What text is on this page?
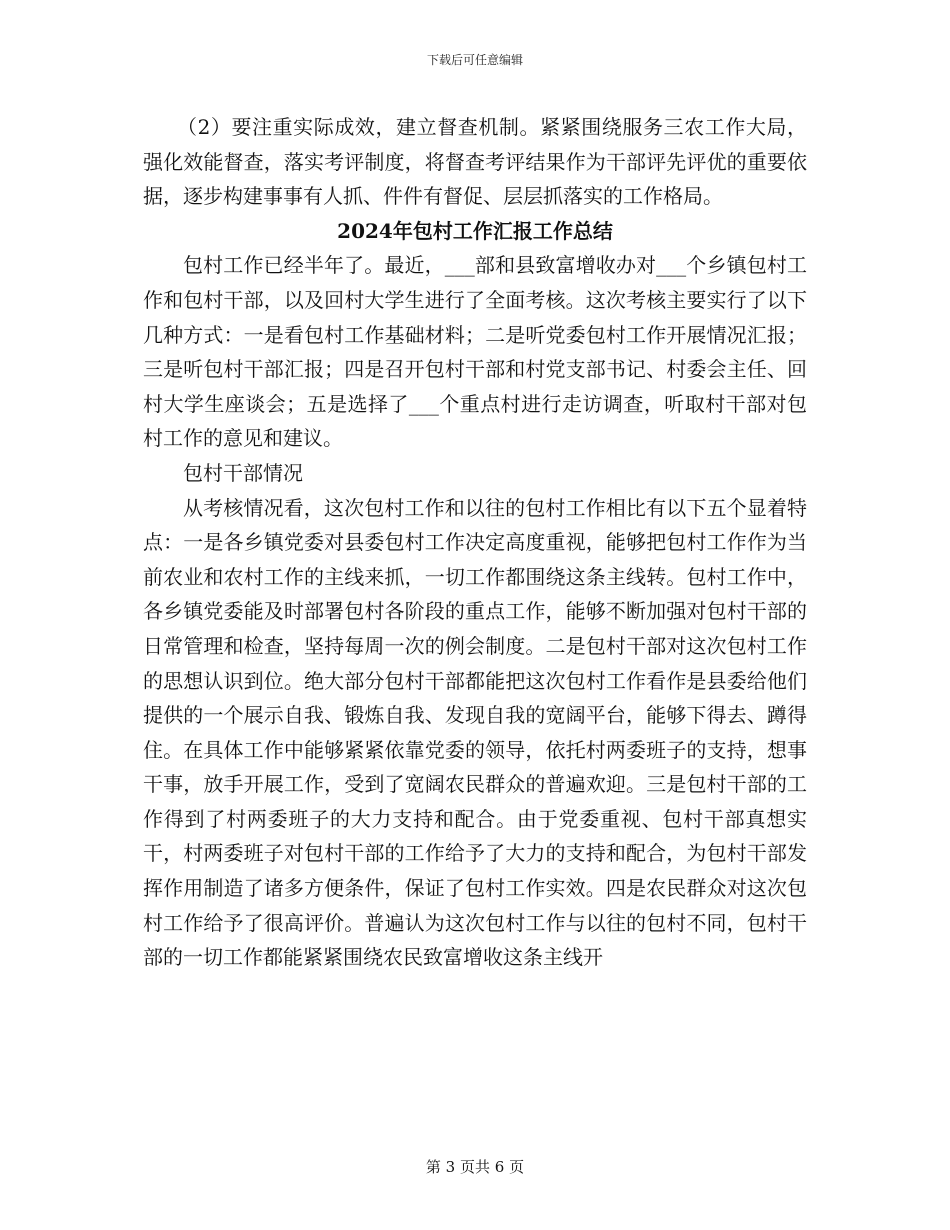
下载后可任意编辑

（2）要注重实际成效，建立督查机制。紧紧围绕服务三农工作大局，强化效能督查，落实考评制度，将督查考评结果作为干部评先评优的重要依据，逐步构建事事有人抓、件件有督促、层层抓落实的工作格局。

2024年包村工作汇报工作总结

包村工作已经半年了。最近，___部和县致富增收办对___个乡镇包村工作和包村干部，以及回村大学生进行了全面考核。这次考核主要实行了以下几种方式：一是看包村工作基础材料；二是听党委包村工作开展情况汇报；三是听包村干部汇报；四是召开包村干部和村党支部书记、村委会主任、回村大学生座谈会；五是选择了___个重点村进行走访调查，听取村干部对包村工作的意见和建议。

包村干部情况

从考核情况看，这次包村工作和以往的包村工作相比有以下五个显着特点：一是各乡镇党委对县委包村工作决定高度重视，能够把包村工作作为当前农业和农村工作的主线来抓，一切工作都围绕这条主线转。包村工作中，各乡镇党委能及时部署包村各阶段的重点工作，能够不断加强对包村干部的日常管理和检查，坚持每周一次的例会制度。二是包村干部对这次包村工作的思想认识到位。绝大部分包村干部都能把这次包村工作看作是县委给他们提供的一个展示自我、锻炼自我、发现自我的宽阔平台，能够下得去、蹲得住。在具体工作中能够紧紧依靠党委的领导，依托村两委班子的支持，想事干事，放手开展工作，受到了宽阔农民群众的普遍欢迎。三是包村干部的工作得到了村两委班子的大力支持和配合。由于党委重视、包村干部真想实干，村两委班子对包村干部的工作给予了大力的支持和配合，为包村干部发挥作用制造了诸多方便条件，保证了包村工作实效。四是农民群众对这次包村工作给予了很高评价。普遍认为这次包村工作与以往的包村不同，包村干部的一切工作都能紧紧围绕农民致富增收这条主线开

第 3 页共 6 页
